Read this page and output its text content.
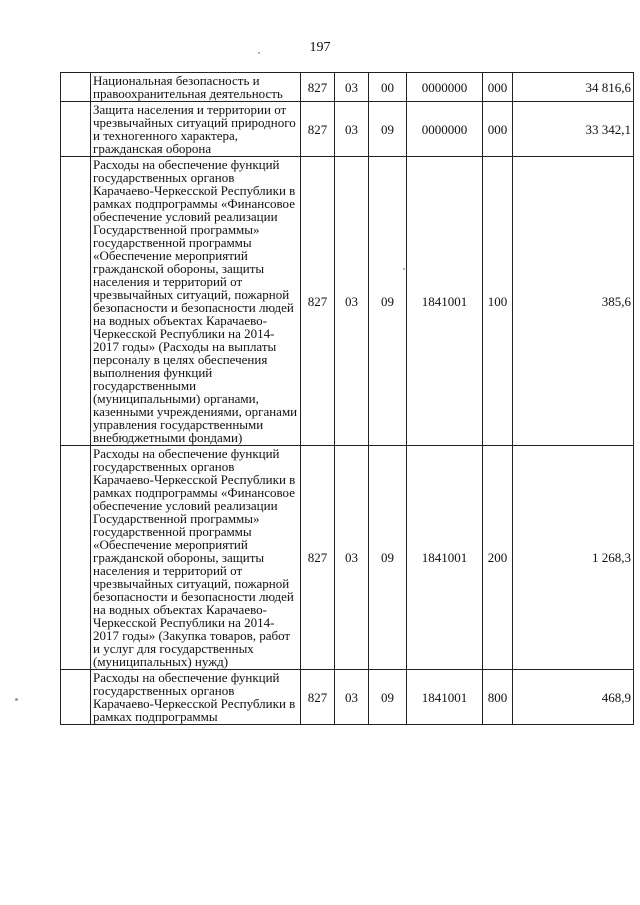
197
	Национальная безопасность и правоохранительная деятельность	827	03	00	0000000	000	34 816,6
	Защита населения и территории от чрезвычайных ситуаций природного и техногенного характера, гражданская оборона	827	03	09	0000000	000	33 342,1
	Расходы на обеспечение функций государственных органов Карачаево-Черкесской Республики в рамках подпрограммы «Финансовое обеспечение условий реализации Государственной программы» государственной программы «Обеспечение мероприятий гражданской обороны, защиты населения и территорий от чрезвычайных ситуаций, пожарной безопасности и безопасности людей на водных объектах Карачаево-Черкесской Республики на 2014-2017 годы» (Расходы на выплаты персоналу в целях обеспечения выполнения функций государственными (муниципальными) органами, казенными учреждениями, органами управления государственными внебюджетными фондами)	827	03	09	1841001	100	385,6
	Расходы на обеспечение функций государственных органов Карачаево-Черкесской Республики в рамках подпрограммы «Финансовое обеспечение условий реализации Государственной программы» государственной программы «Обеспечение мероприятий гражданской обороны, защиты населения и территорий от чрезвычайных ситуаций, пожарной безопасности и безопасности людей на водных объектах Карачаево-Черкесской Республики на 2014-2017 годы» (Закупка товаров, работ и услуг для государственных (муниципальных) нужд)	827	03	09	1841001	200	1 268,3
	Расходы на обеспечение функций государственных органов Карачаево-Черкесской Республики в рамках подпрограммы	827	03	09	1841001	800	468,9
